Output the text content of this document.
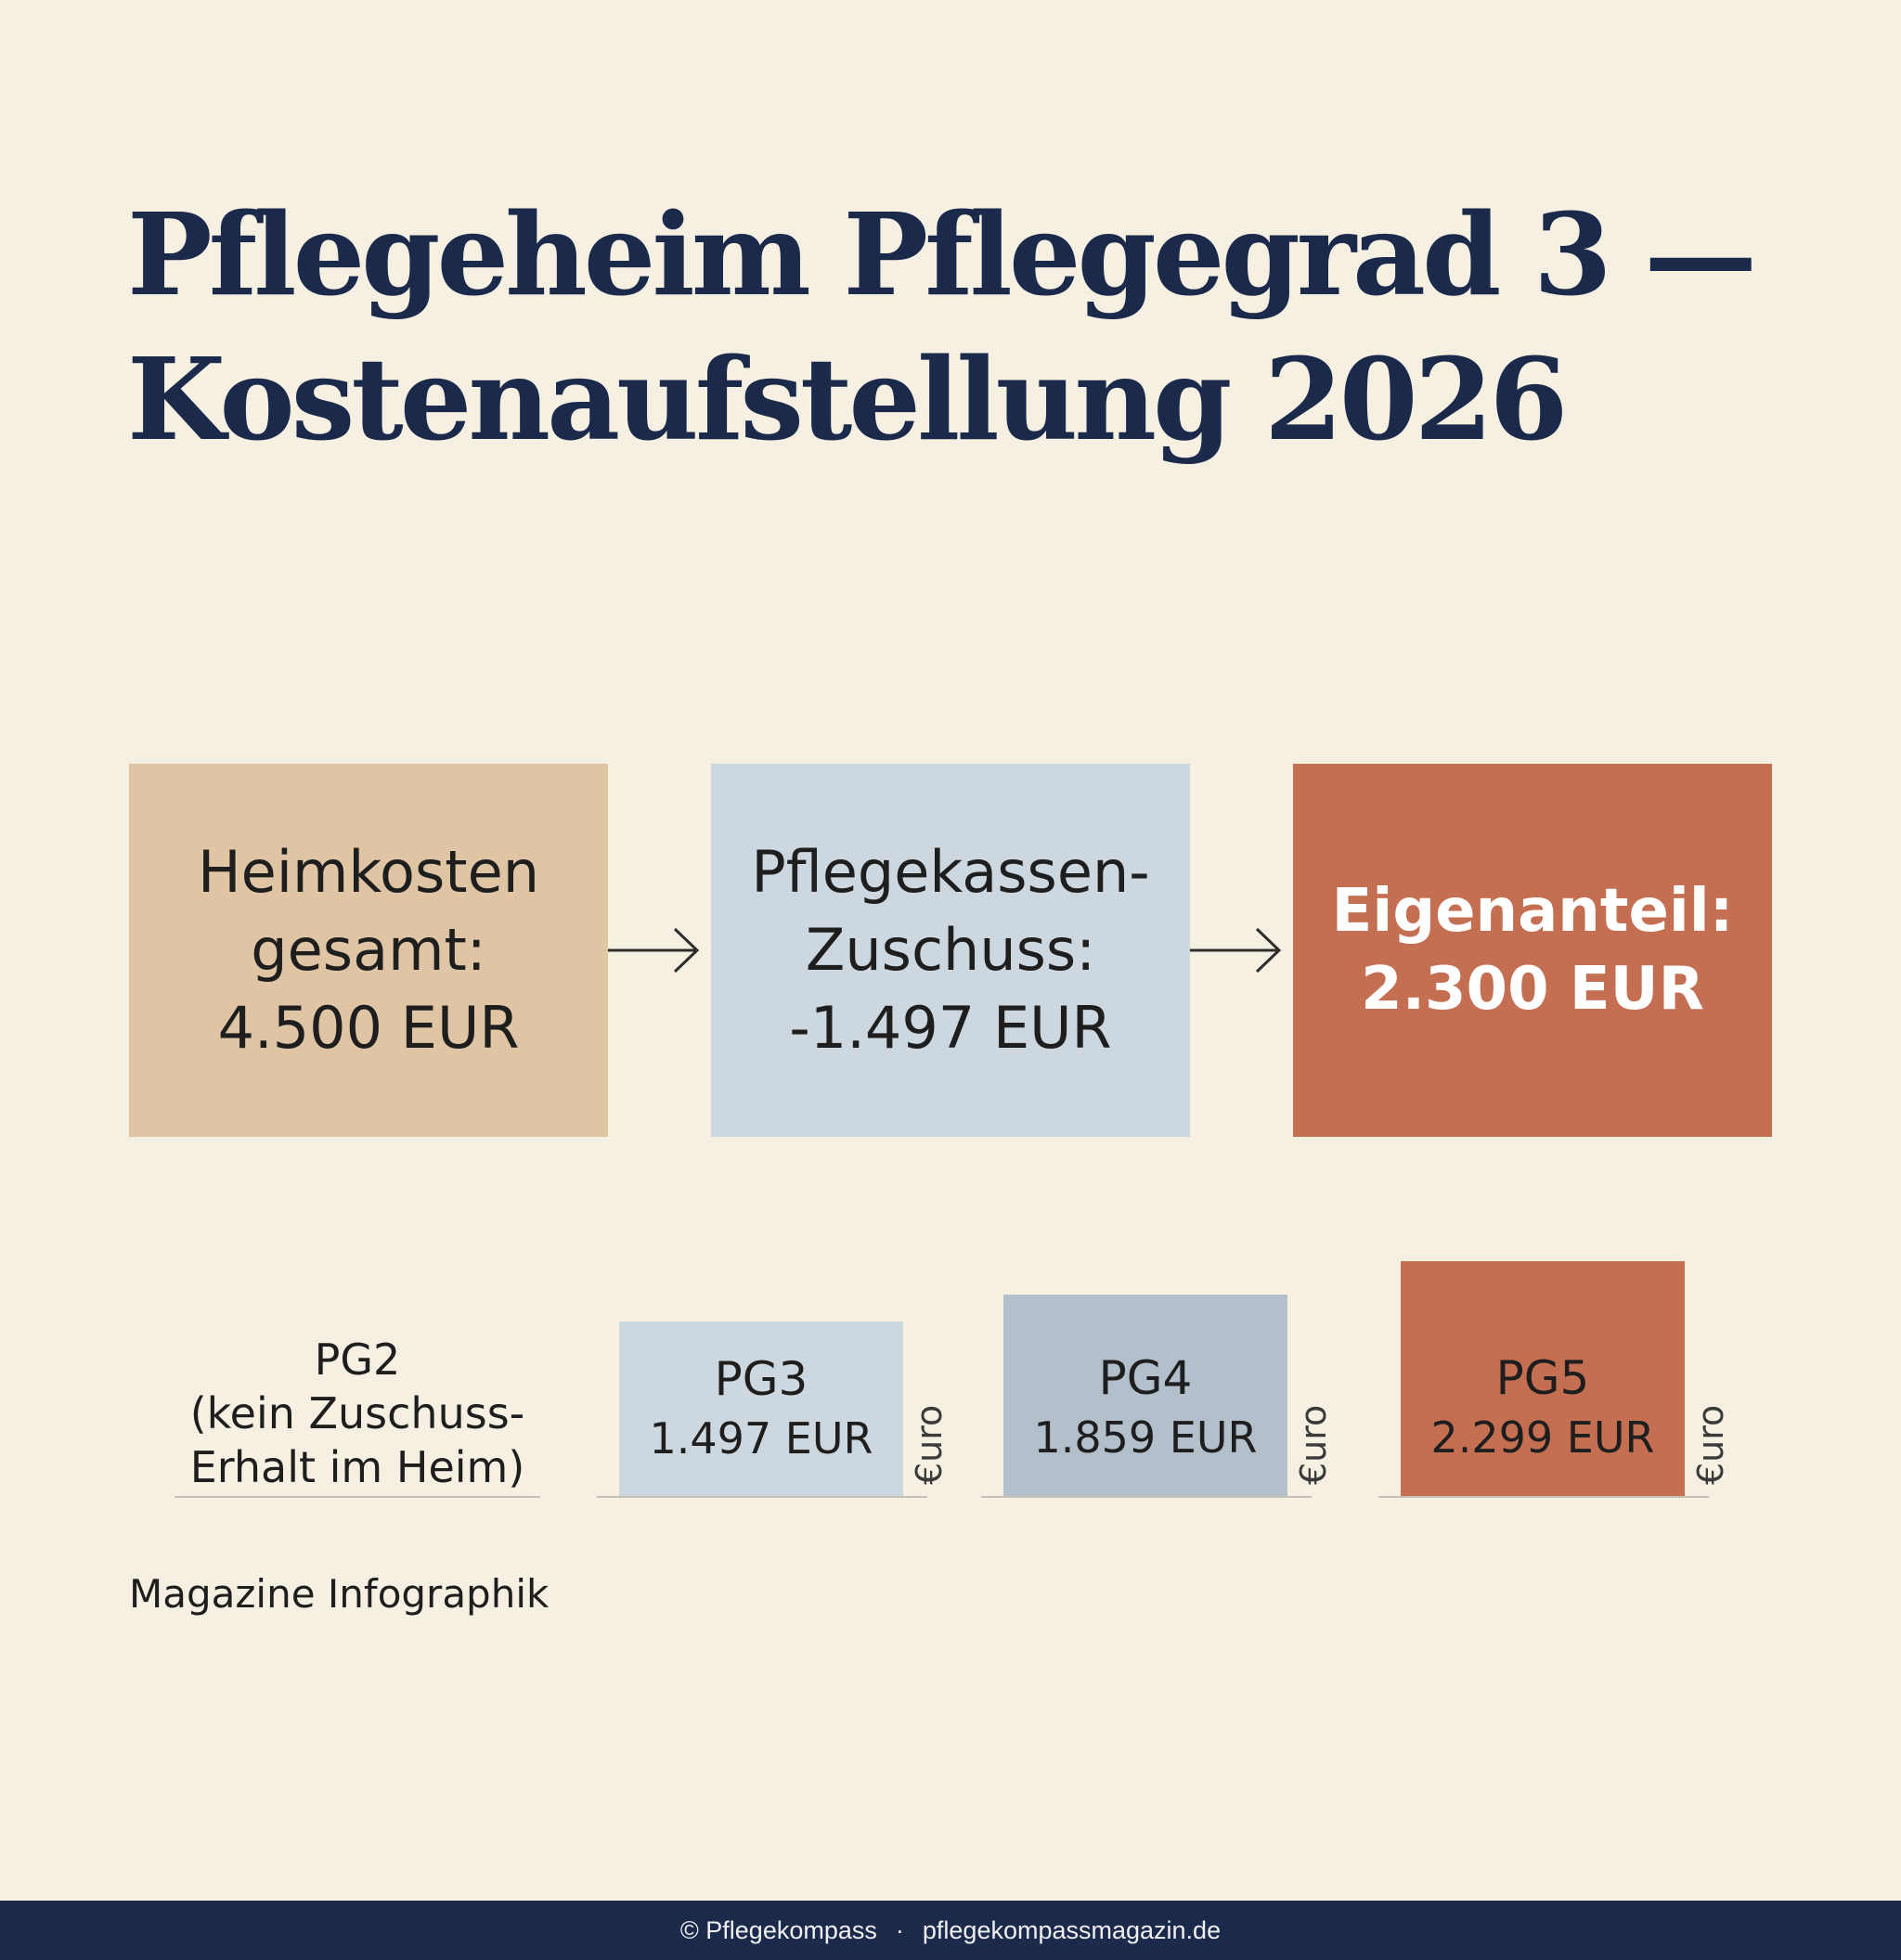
Pflegeheim Pflegegrad 3 —
Kostenaufstellung 2026
Heimkosten
gesamt:
4.500 EUR
Pflegekassen-
Zuschuss:
-1.497 EUR
Eigenanteil:
2.300 EUR
PG2
(kein Zuschuss-
Erhalt im Heim)
PG3
1.497 EUR €uro
PG4
1.859 EUR €uro
PG5
2.299 EUR €uro
Magazine Infographik
© Pflegekompass · pflegekompassmagazin.de
